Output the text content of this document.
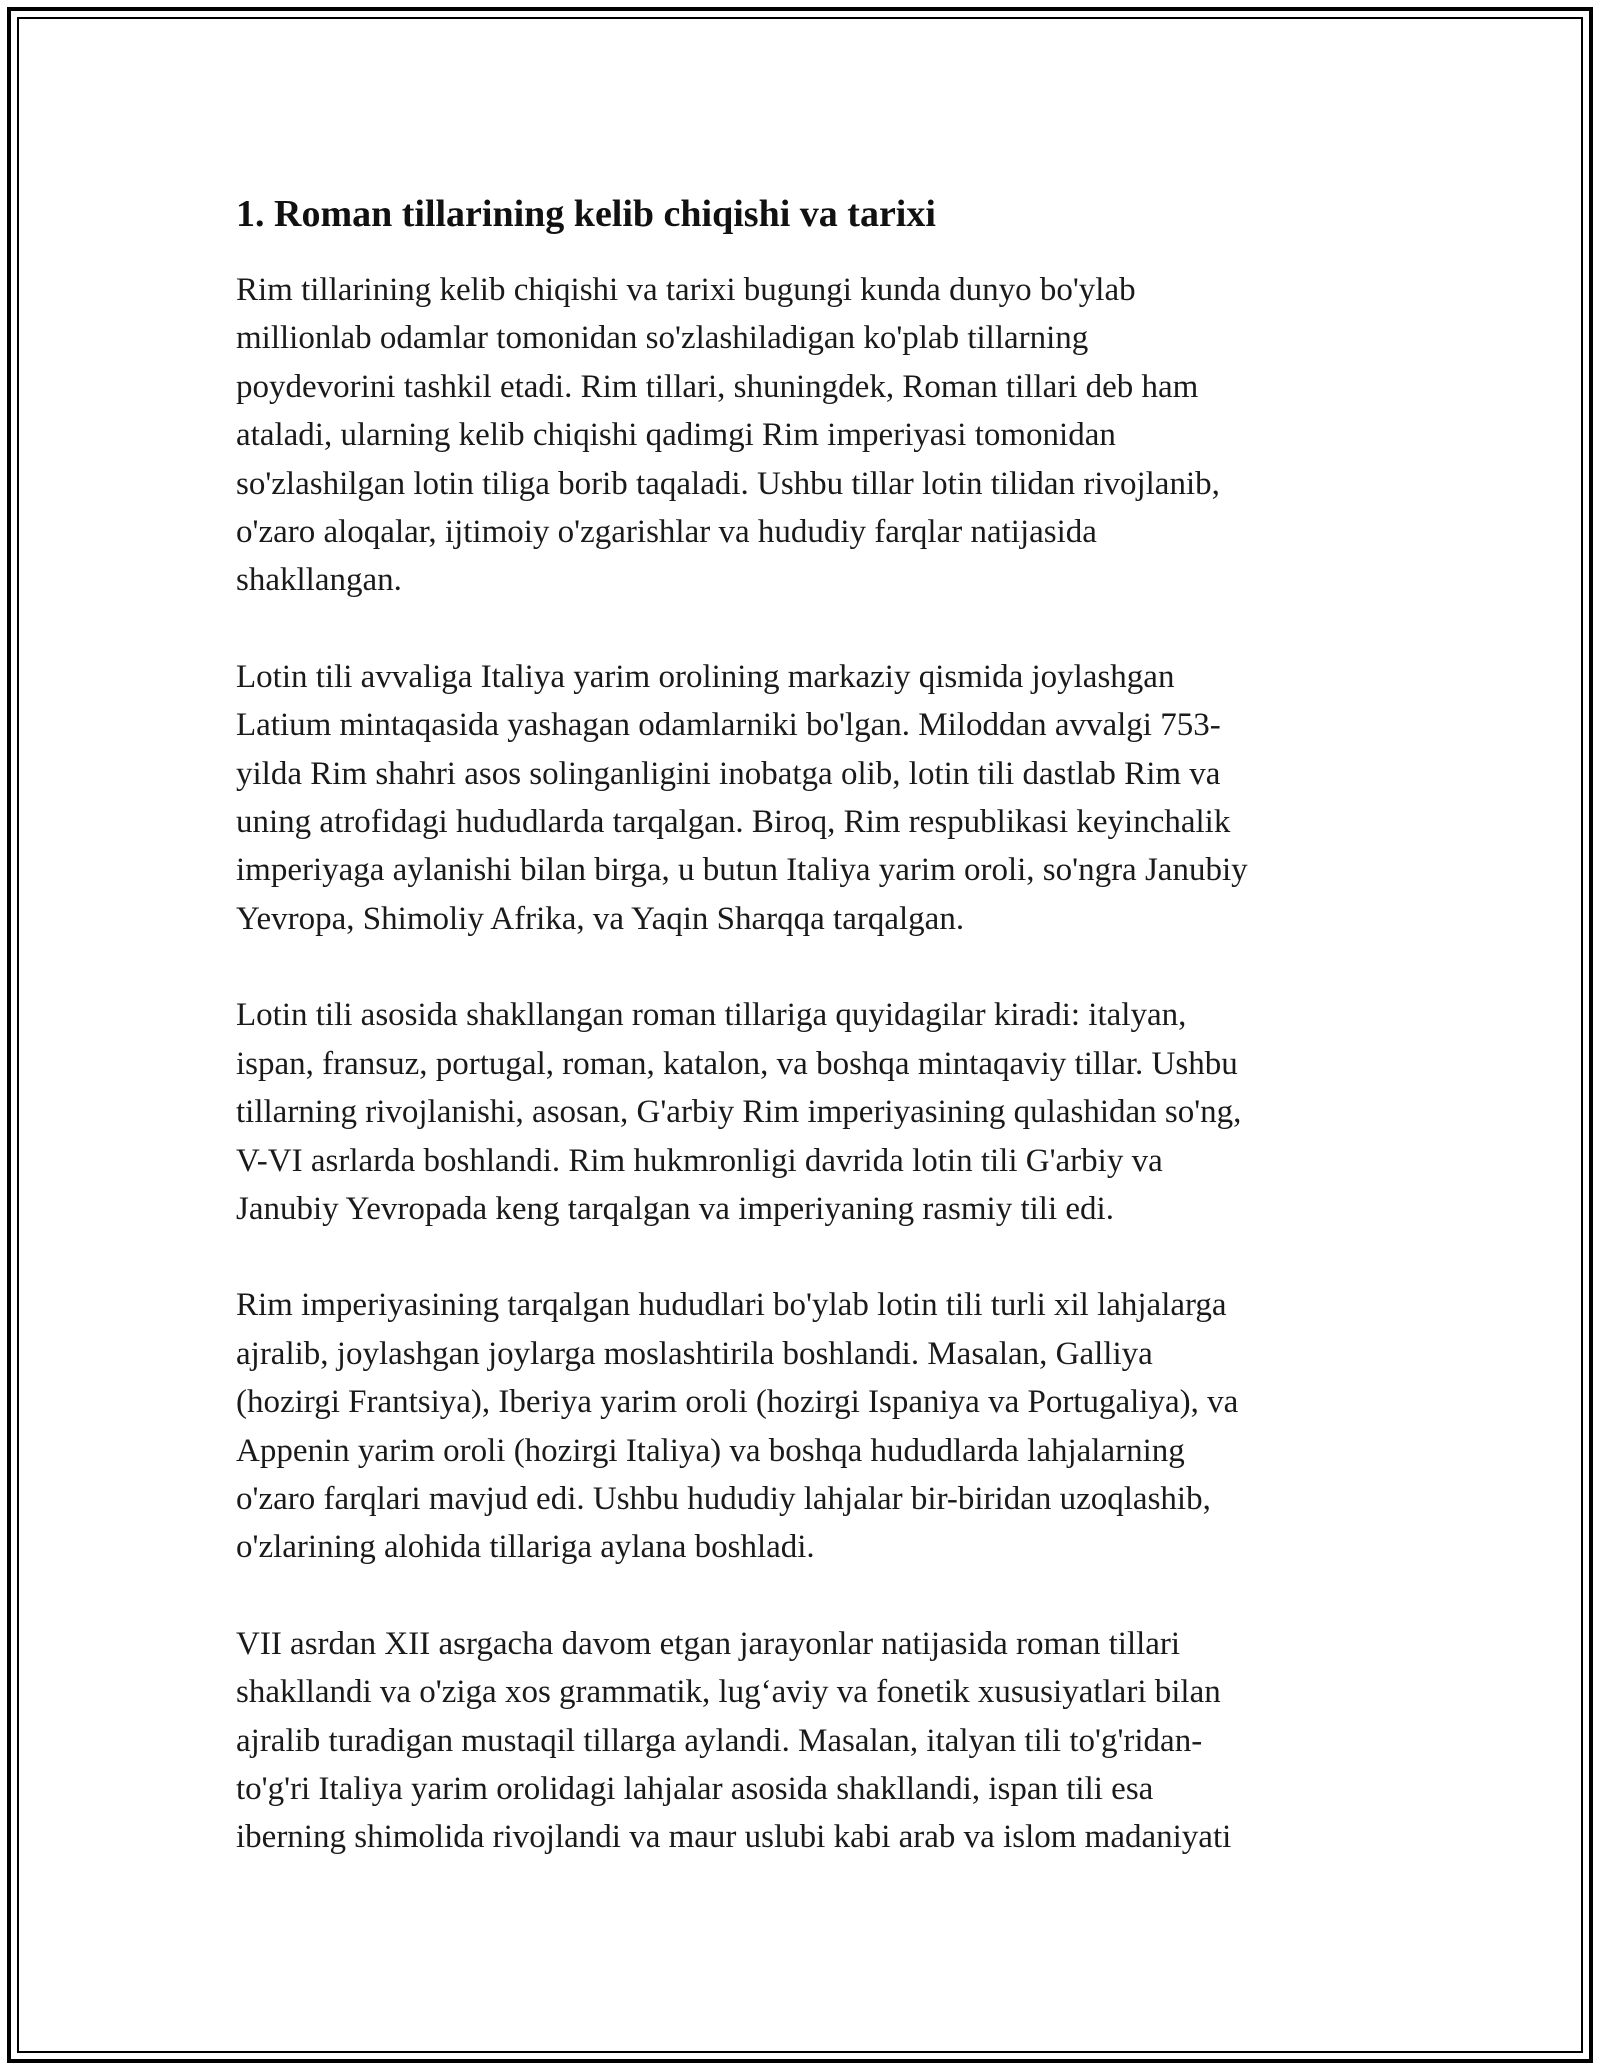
1. Roman tillarining kelib chiqishi va tarixi

Rim tillarining kelib chiqishi va tarixi bugungi kunda dunyo bo'ylab
millionlab odamlar tomonidan so'zlashiladigan ko'plab tillarning
poydevorini tashkil etadi. Rim tillari, shuningdek, Roman tillari deb ham
ataladi, ularning kelib chiqishi qadimgi Rim imperiyasi tomonidan
so'zlashilgan lotin tiliga borib taqaladi. Ushbu tillar lotin tilidan rivojlanib,
o'zaro aloqalar, ijtimoiy o'zgarishlar va hududiy farqlar natijasida
shakllangan.

Lotin tili avvaliga Italiya yarim orolining markaziy qismida joylashgan
Latium mintaqasida yashagan odamlarniki bo'lgan. Miloddan avvalgi 753-
yilda Rim shahri asos solinganligini inobatga olib, lotin tili dastlab Rim va
uning atrofidagi hududlarda tarqalgan. Biroq, Rim respublikasi keyinchalik
imperiyaga aylanishi bilan birga, u butun Italiya yarim oroli, so'ngra Janubiy
Yevropa, Shimoliy Afrika, va Yaqin Sharqqa tarqalgan.

Lotin tili asosida shakllangan roman tillariga quyidagilar kiradi: italyan,
ispan, fransuz, portugal, roman, katalon, va boshqa mintaqaviy tillar. Ushbu
tillarning rivojlanishi, asosan, G'arbiy Rim imperiyasining qulashidan so'ng,
V-VI asrlarda boshlandi. Rim hukmronligi davrida lotin tili G'arbiy va
Janubiy Yevropada keng tarqalgan va imperiyaning rasmiy tili edi.

Rim imperiyasining tarqalgan hududlari bo'ylab lotin tili turli xil lahjalarga
ajralib, joylashgan joylarga moslashtirila boshlandi. Masalan, Galliya
(hozirgi Frantsiya), Iberiya yarim oroli (hozirgi Ispaniya va Portugaliya), va
Appenin yarim oroli (hozirgi Italiya) va boshqa hududlarda lahjalarning
o'zaro farqlari mavjud edi. Ushbu hududiy lahjalar bir-biridan uzoqlashib,
o'zlarining alohida tillariga aylana boshladi.

VII asrdan XII asrgacha davom etgan jarayonlar natijasida roman tillari
shakllandi va o'ziga xos grammatik, lug‘aviy va fonetik xususiyatlari bilan
ajralib turadigan mustaqil tillarga aylandi. Masalan, italyan tili to'g'ridan-
to'g'ri Italiya yarim orolidagi lahjalar asosida shakllandi, ispan tili esa
iberning shimolida rivojlandi va maur uslubi kabi arab va islom madaniyati
